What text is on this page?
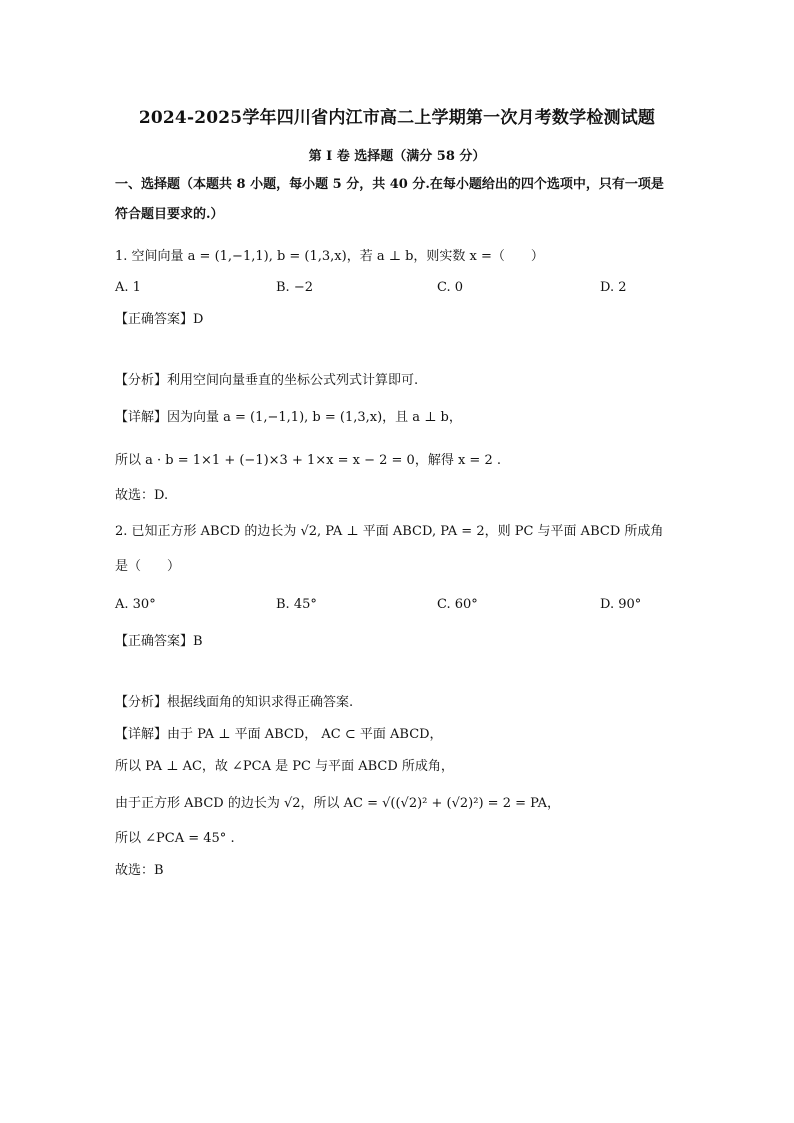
2024-2025学年四川省内江市高二上学期第一次月考数学检测试题
第 I 卷 选择题（满分 58 分）
一、选择题（本题共 8 小题，每小题 5 分，共 40 分.在每小题给出的四个选项中，只有一项是
符合题目要求的.）
1. 空间向量 a = (1,−1,1), b = (1,3,x)，若 a ⊥ b，则实数 x =（　　）
A. 1	B. −2	C. 0	D. 2
【正确答案】D
【分析】利用空间向量垂直的坐标公式列式计算即可.
【详解】因为向量 a = (1,−1,1), b = (1,3,x)，且 a ⊥ b，
所以 a · b = 1×1 + (−1)×3 + 1×x = x − 2 = 0，解得 x = 2 .
故选：D.
2. 已知正方形 ABCD 的边长为 √2, PA ⊥ 平面 ABCD, PA = 2，则 PC 与平面 ABCD 所成角
是（　　）
A. 30°	B. 45°	C. 60°	D. 90°
【正确答案】B
【分析】根据线面角的知识求得正确答案.
【详解】由于 PA ⊥ 平面 ABCD， AC ⊂ 平面 ABCD，
所以 PA ⊥ AC，故 ∠PCA 是 PC 与平面 ABCD 所成角，
由于正方形 ABCD 的边长为 √2，所以 AC = √((√2)² + (√2)²) = 2 = PA，
所以 ∠PCA = 45° .
故选：B
